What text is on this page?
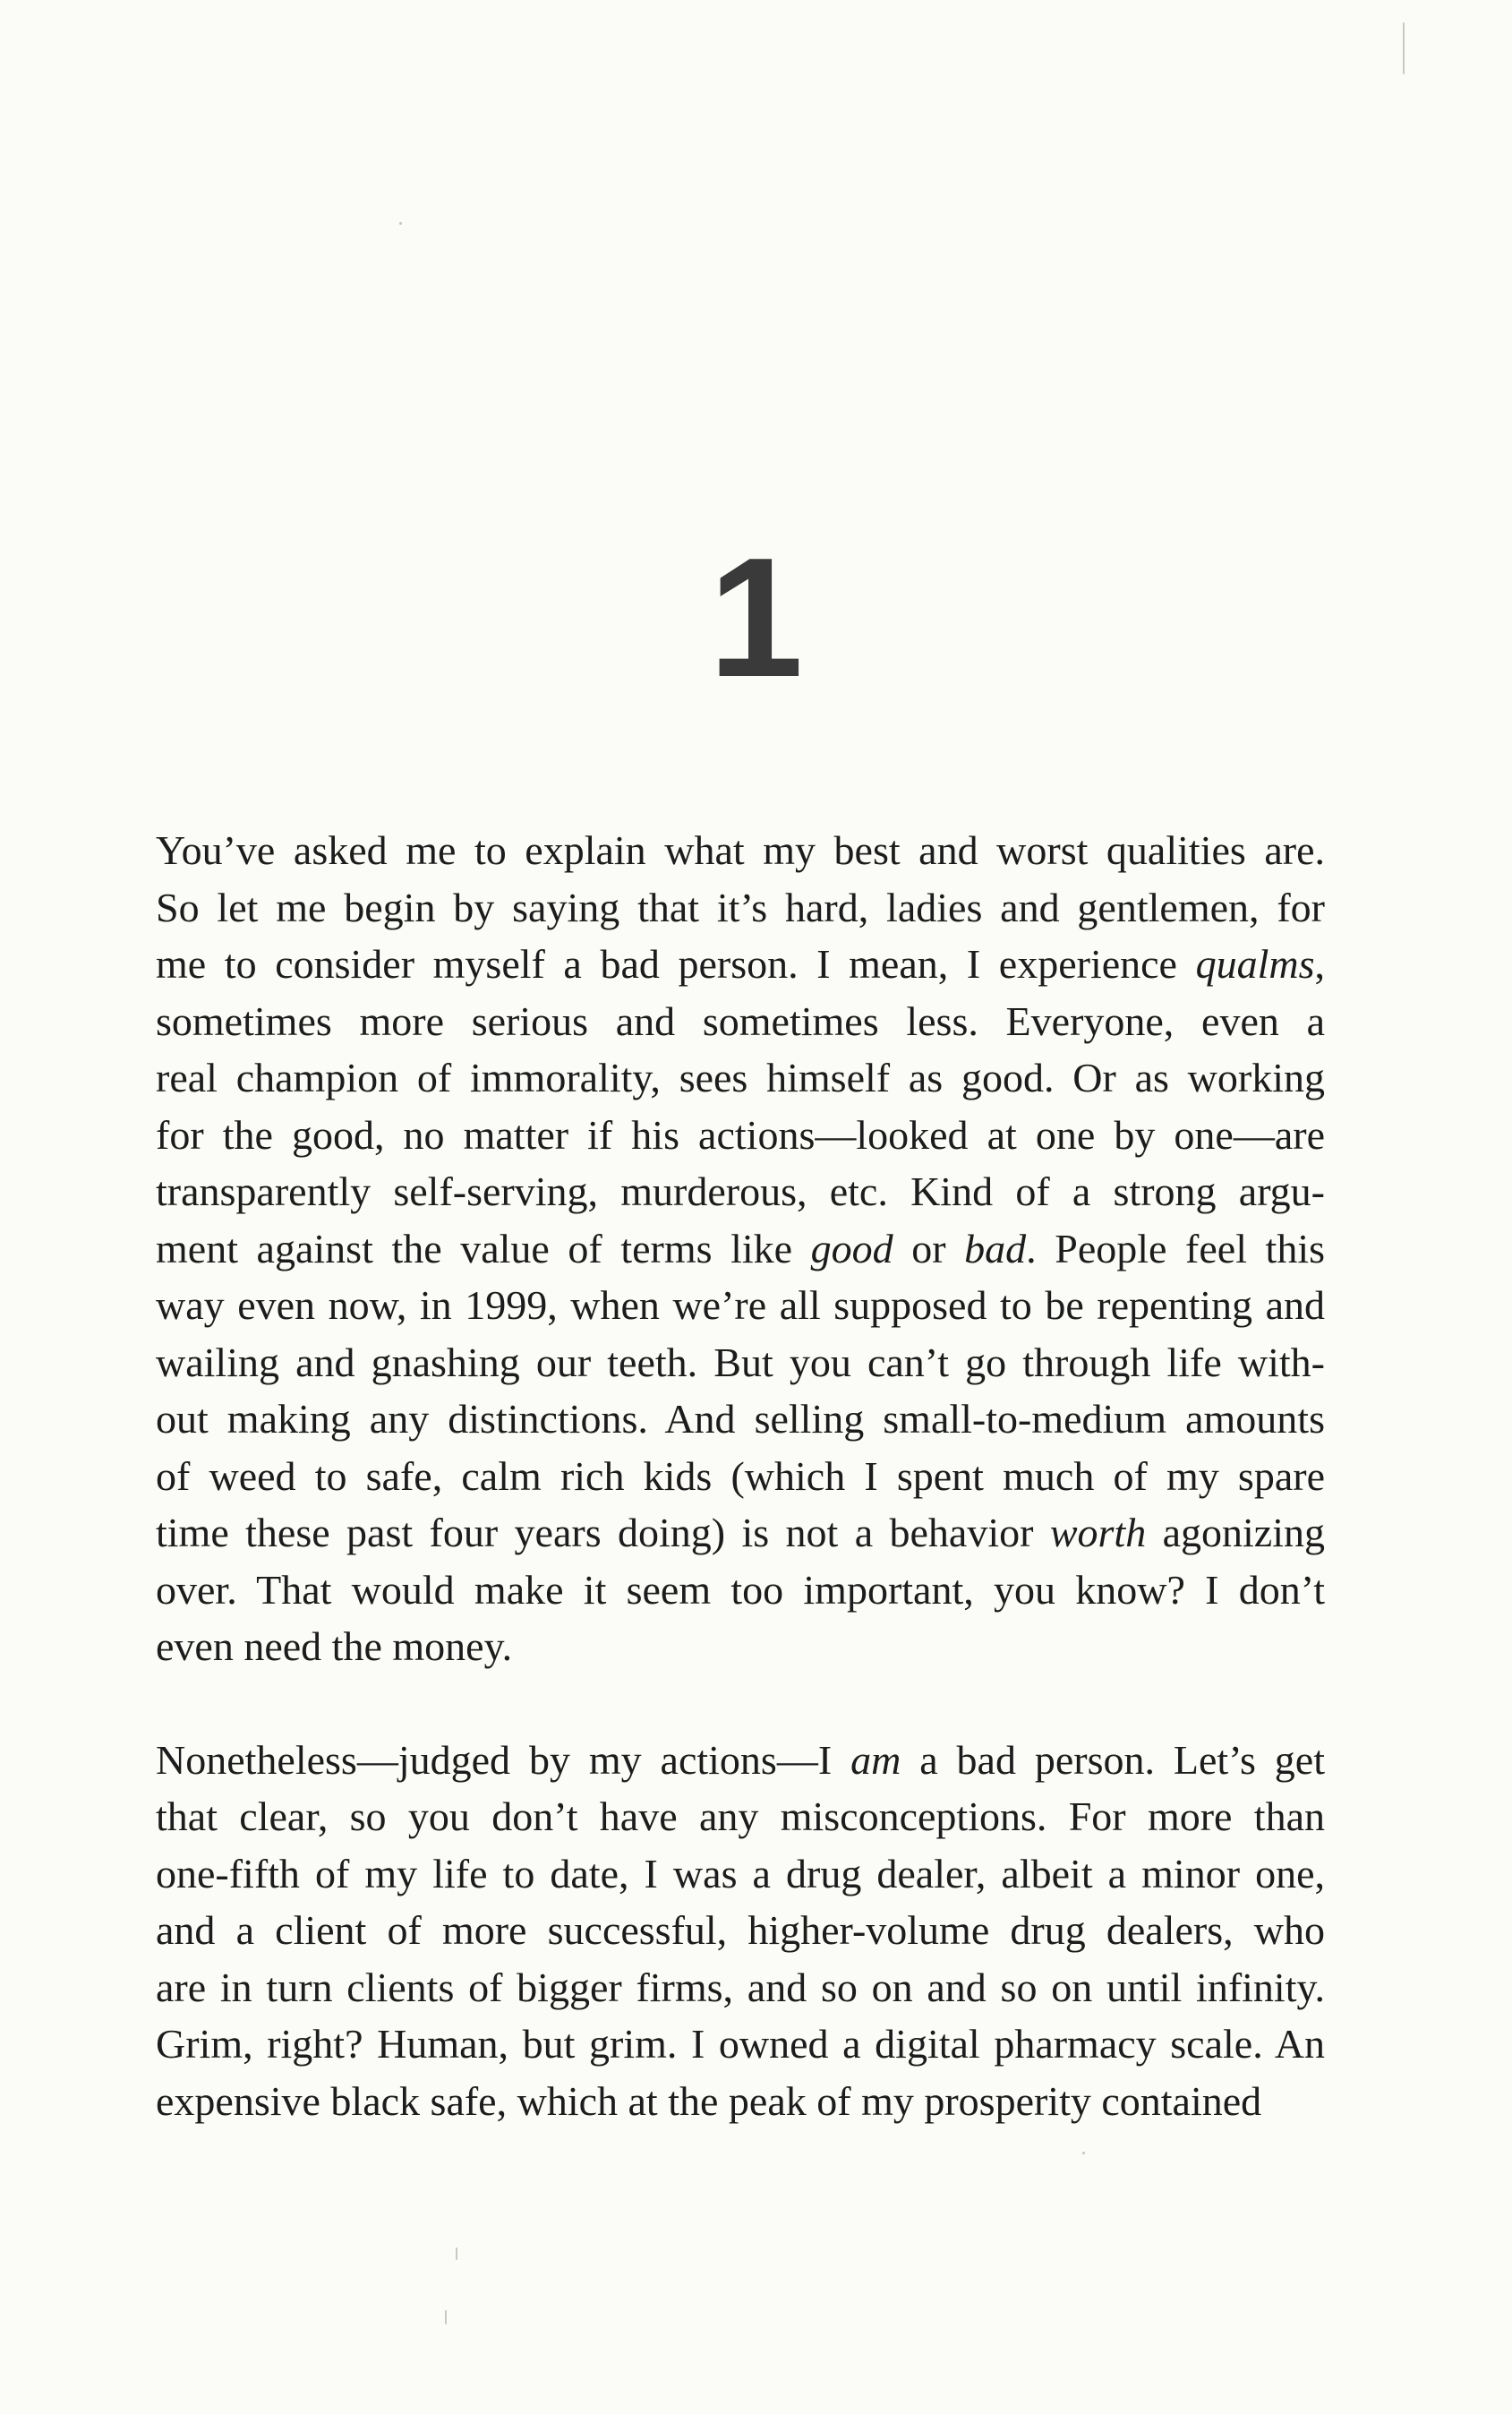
1

You’ve asked me to explain what my best and worst qualities are.
So let me begin by saying that it’s hard, ladies and gentlemen, for
me to consider myself a bad person. I mean, I experience qualms,
sometimes more serious and sometimes less. Everyone, even a
real champion of immorality, sees himself as good. Or as working
for the good, no matter if his actions—looked at one by one—are
transparently self-serving, murderous, etc. Kind of a strong argu-
ment against the value of terms like good or bad. People feel this
way even now, in 1999, when we’re all supposed to be repenting and
wailing and gnashing our teeth. But you can’t go through life with-
out making any distinctions. And selling small-to-medium amounts
of weed to safe, calm rich kids (which I spent much of my spare
time these past four years doing) is not a behavior worth agonizing
over. That would make it seem too important, you know? I don’t
even need the money.

Nonetheless—judged by my actions—I am a bad person. Let’s get
that clear, so you don’t have any misconceptions. For more than
one-fifth of my life to date, I was a drug dealer, albeit a minor one,
and a client of more successful, higher-volume drug dealers, who
are in turn clients of bigger firms, and so on and so on until infinity.
Grim, right? Human, but grim. I owned a digital pharmacy scale. An
expensive black safe, which at the peak of my prosperity contained
